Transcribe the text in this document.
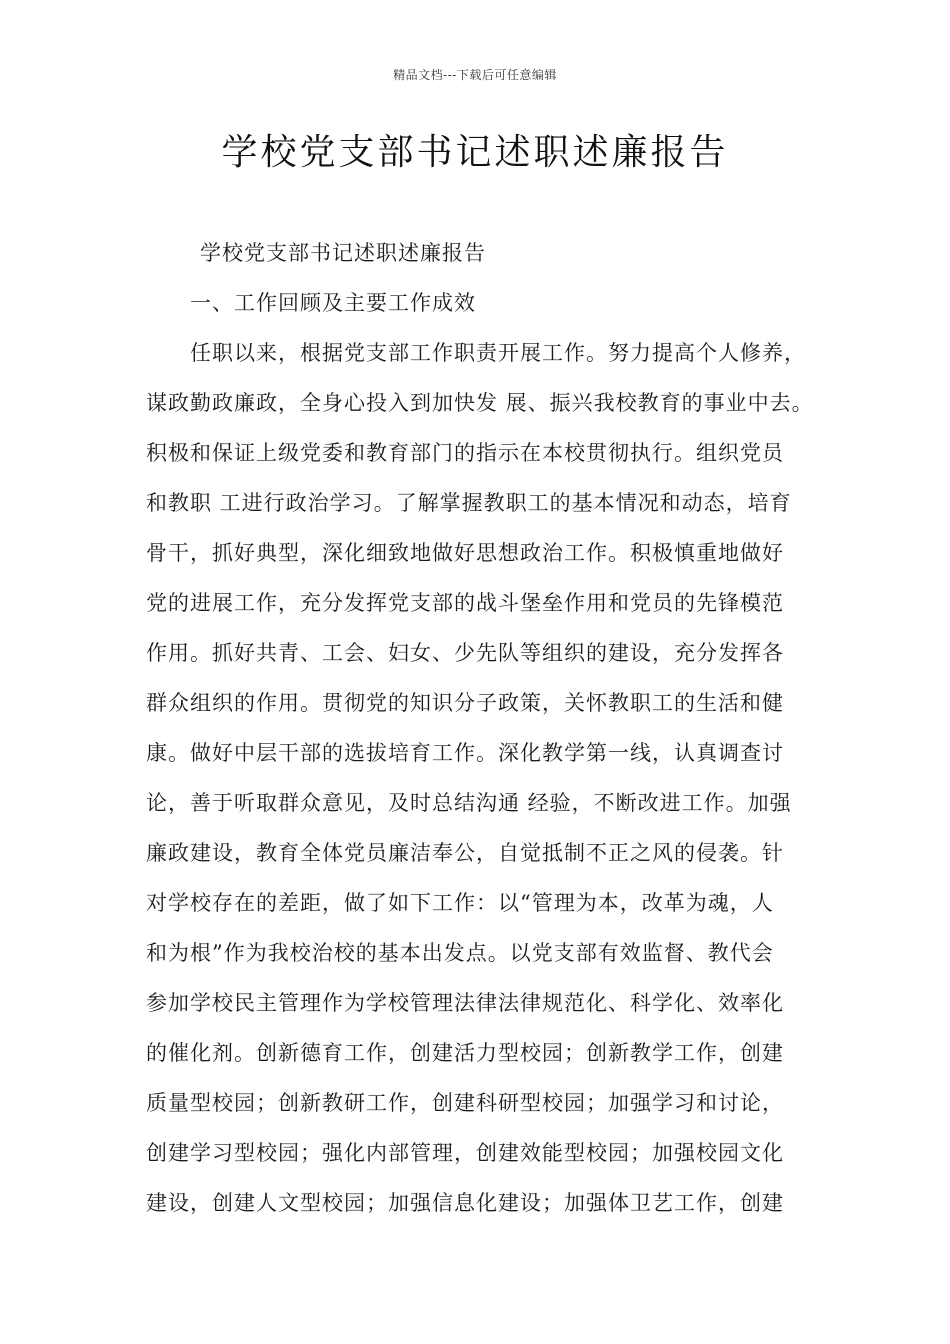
精品文档---下载后可任意编辑
学校党支部书记述职述廉报告
学校党支部书记述职述廉报告
一、工作回顾及主要工作成效
任职以来，根据党支部工作职责开展工作。努力提高个人修养，
谋政勤政廉政，全身心投入到加快发 展、振兴我校教育的事业中去。
积极和保证上级党委和教育部门的指示在本校贯彻执行。组织党员
和教职 工进行政治学习。了解掌握教职工的基本情况和动态，培育
骨干，抓好典型，深化细致地做好思想政治工作。积极慎重地做好
党的进展工作，充分发挥党支部的战斗堡垒作用和党员的先锋模范
作用。抓好共青、工会、妇女、少先队等组织的建设，充分发挥各
群众组织的作用。贯彻党的知识分子政策，关怀教职工的生活和健
康。做好中层干部的选拔培育工作。深化教学第一线，认真调查讨
论，善于听取群众意见，及时总结沟通 经验，不断改进工作。加强
廉政建设，教育全体党员廉洁奉公，自觉抵制不正之风的侵袭。针
对学校存在的差距，做了如下工作：以“管理为本，改革为魂，人
和为根”作为我校治校的基本出发点。以党支部有效监督、教代会
参加学校民主管理作为学校管理法律法律规范化、科学化、效率化
的催化剂。创新德育工作，创建活力型校园；创新教学工作，创建
质量型校园；创新教研工作，创建科研型校园；加强学习和讨论，
创建学习型校园；强化内部管理，创建效能型校园；加强校园文化
建设，创建人文型校园；加强信息化建设；加强体卫艺工作，创建
